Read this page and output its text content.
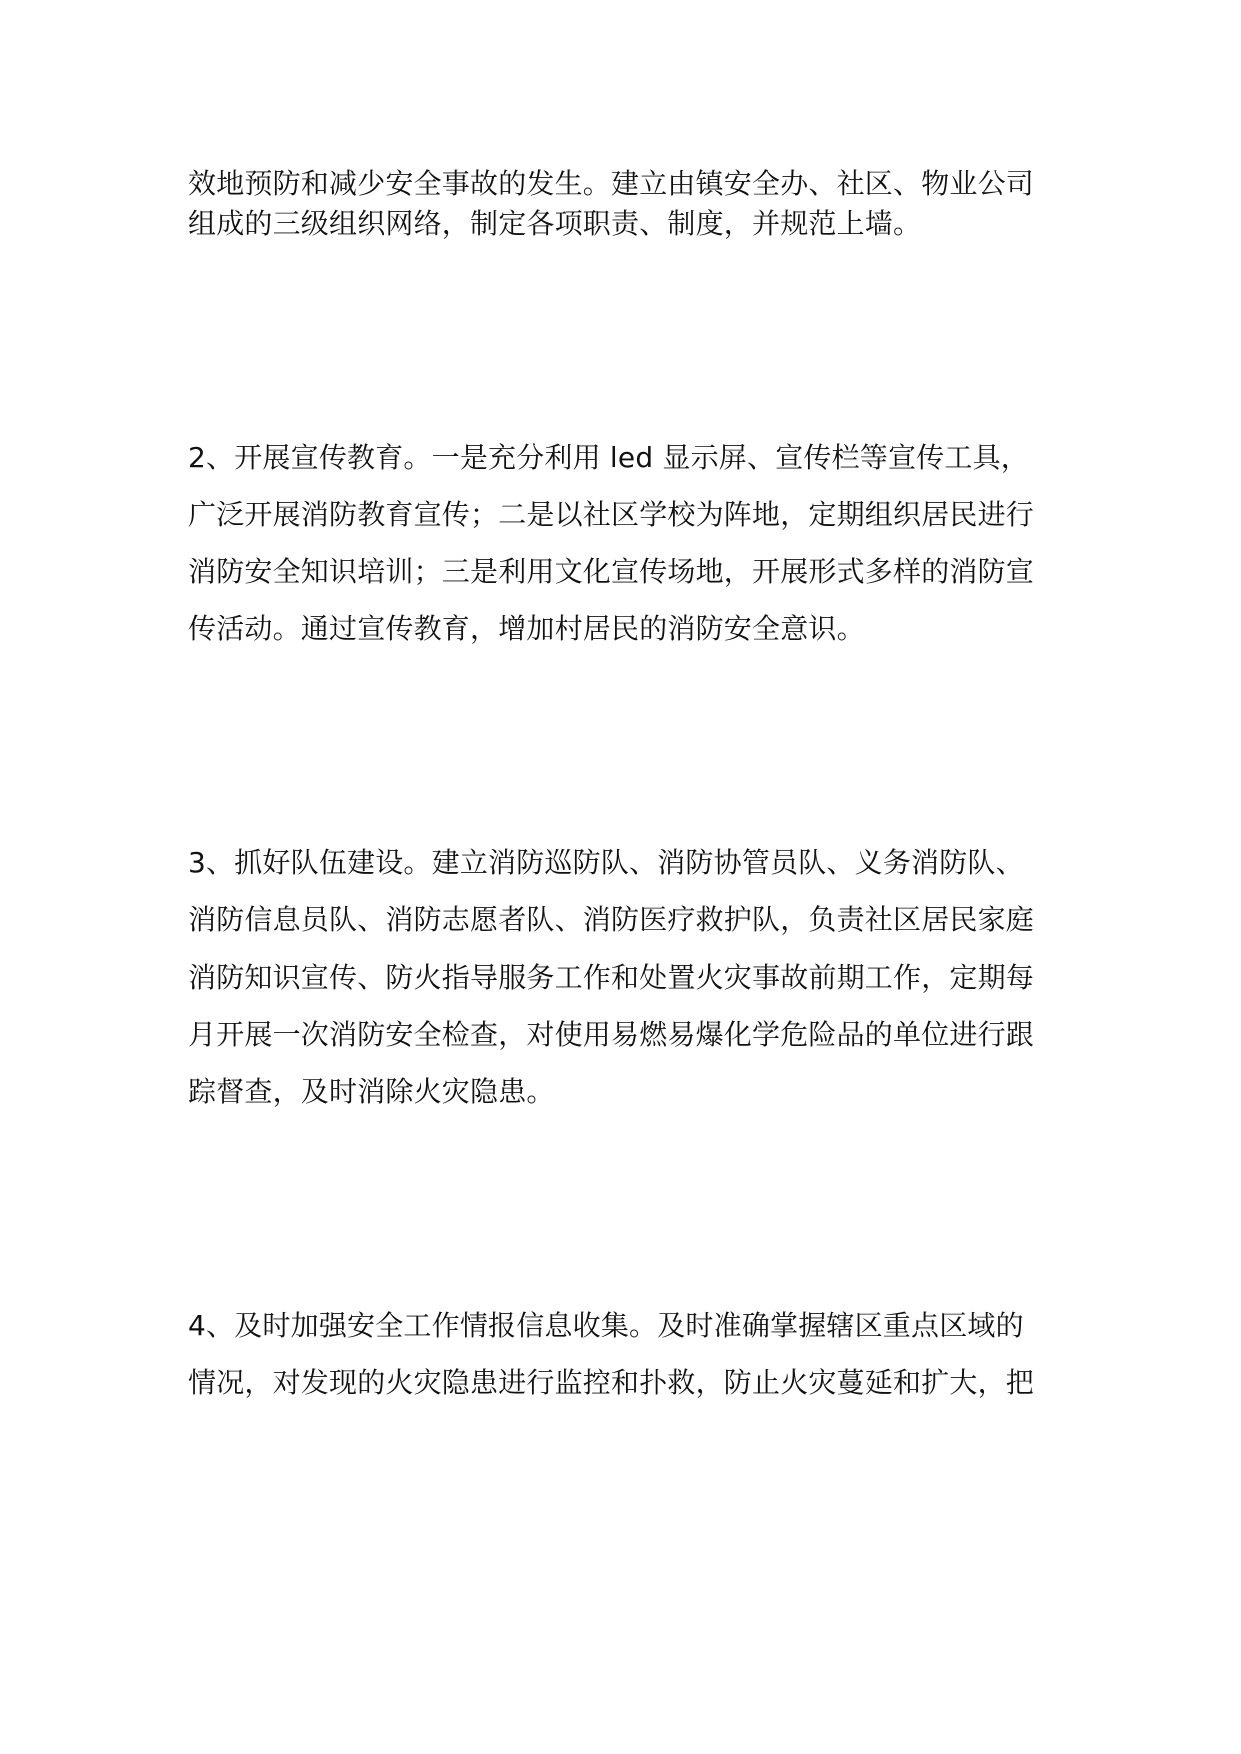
效地预防和减少安全事故的发生。建立由镇安全办、社区、物业公司
组成的三级组织网络，制定各项职责、制度，并规范上墙。
2、开展宣传教育。一是充分利用 led 显示屏、宣传栏等宣传工具，
广泛开展消防教育宣传；二是以社区学校为阵地，定期组织居民进行
消防安全知识培训；三是利用文化宣传场地，开展形式多样的消防宣
传活动。通过宣传教育，增加村居民的消防安全意识。
3、抓好队伍建设。建立消防巡防队、消防协管员队、义务消防队、
消防信息员队、消防志愿者队、消防医疗救护队，负责社区居民家庭
消防知识宣传、防火指导服务工作和处置火灾事故前期工作，定期每
月开展一次消防安全检查，对使用易燃易爆化学危险品的单位进行跟
踪督查，及时消除火灾隐患。
4、及时加强安全工作情报信息收集。及时准确掌握辖区重点区域的
情况，对发现的火灾隐患进行监控和扑救，防止火灾蔓延和扩大，把
